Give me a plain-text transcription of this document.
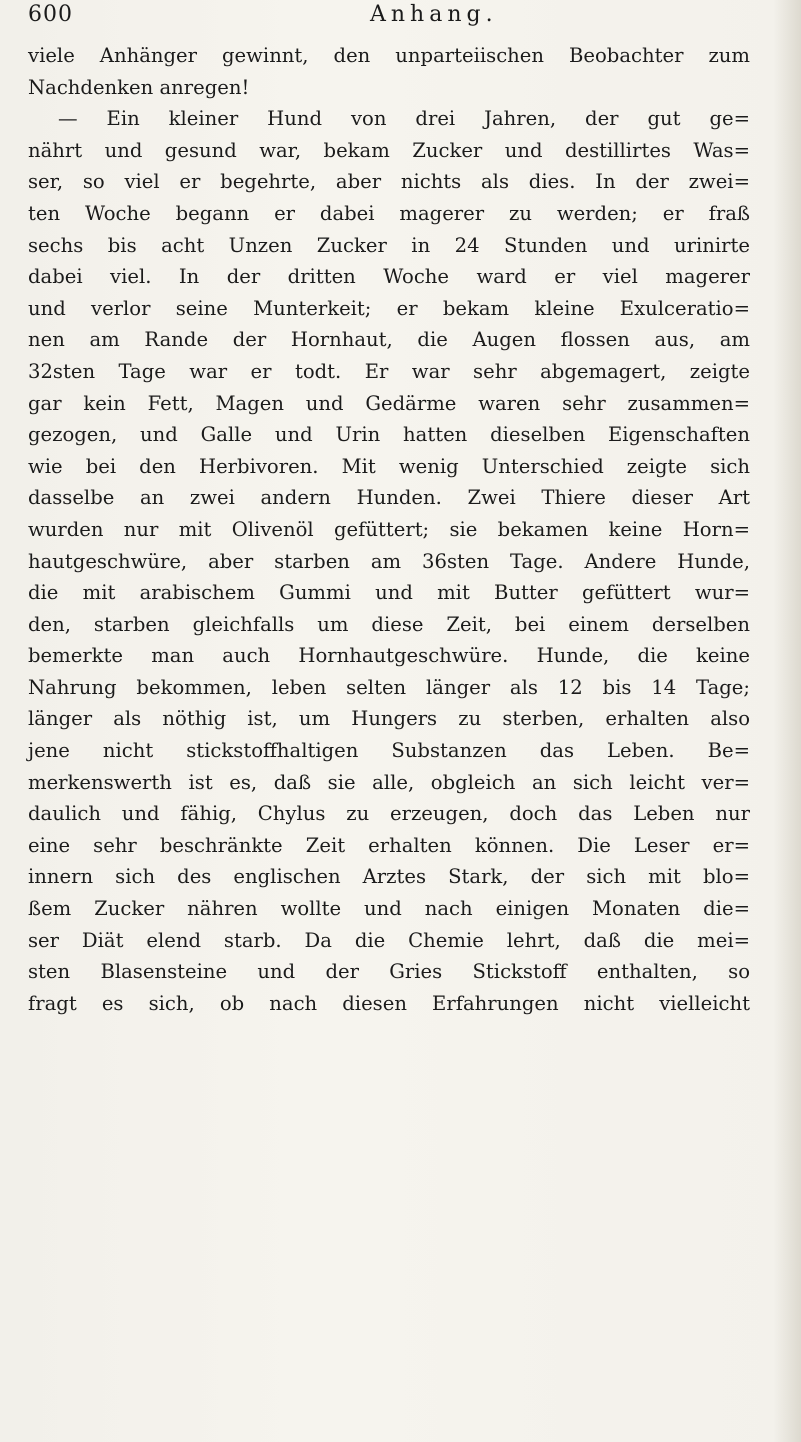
600	Anhang.
viele Anhänger gewinnt, den unparteiischen Beobachter zum
Nachdenken anregen!
— Ein kleiner Hund von drei Jahren, der gut ge=
nährt und gesund war, bekam Zucker und destillirtes Was=
ser, so viel er begehrte, aber nichts als dies. In der zwei=
ten Woche begann er dabei magerer zu werden; er fraß
sechs bis acht Unzen Zucker in 24 Stunden und urinirte
dabei viel. In der dritten Woche ward er viel magerer
und verlor seine Munterkeit; er bekam kleine Exulceratio=
nen am Rande der Hornhaut, die Augen flossen aus, am
32sten Tage war er todt. Er war sehr abgemagert, zeigte
gar kein Fett, Magen und Gedärme waren sehr zusammen=
gezogen, und Galle und Urin hatten dieselben Eigenschaften
wie bei den Herbivoren. Mit wenig Unterschied zeigte sich
dasselbe an zwei andern Hunden. Zwei Thiere dieser Art
wurden nur mit Olivenöl gefüttert; sie bekamen keine Horn=
hautgeschwüre, aber starben am 36sten Tage. Andere Hunde,
die mit arabischem Gummi und mit Butter gefüttert wur=
den, starben gleichfalls um diese Zeit, bei einem derselben
bemerkte man auch Hornhautgeschwüre. Hunde, die keine
Nahrung bekommen, leben selten länger als 12 bis 14 Tage;
länger als nöthig ist, um Hungers zu sterben, erhalten also
jene nicht stickstoffhaltigen Substanzen das Leben. Be=
merkenswerth ist es, daß sie alle, obgleich an sich leicht ver=
daulich und fähig, Chylus zu erzeugen, doch das Leben nur
eine sehr beschränkte Zeit erhalten können. Die Leser er=
innern sich des englischen Arztes Stark, der sich mit blo=
ßem Zucker nähren wollte und nach einigen Monaten die=
ser Diät elend starb. Da die Chemie lehrt, daß die mei=
sten Blasensteine und der Gries Stickstoff enthalten, so
fragt es sich, ob nach diesen Erfahrungen nicht vielleicht
